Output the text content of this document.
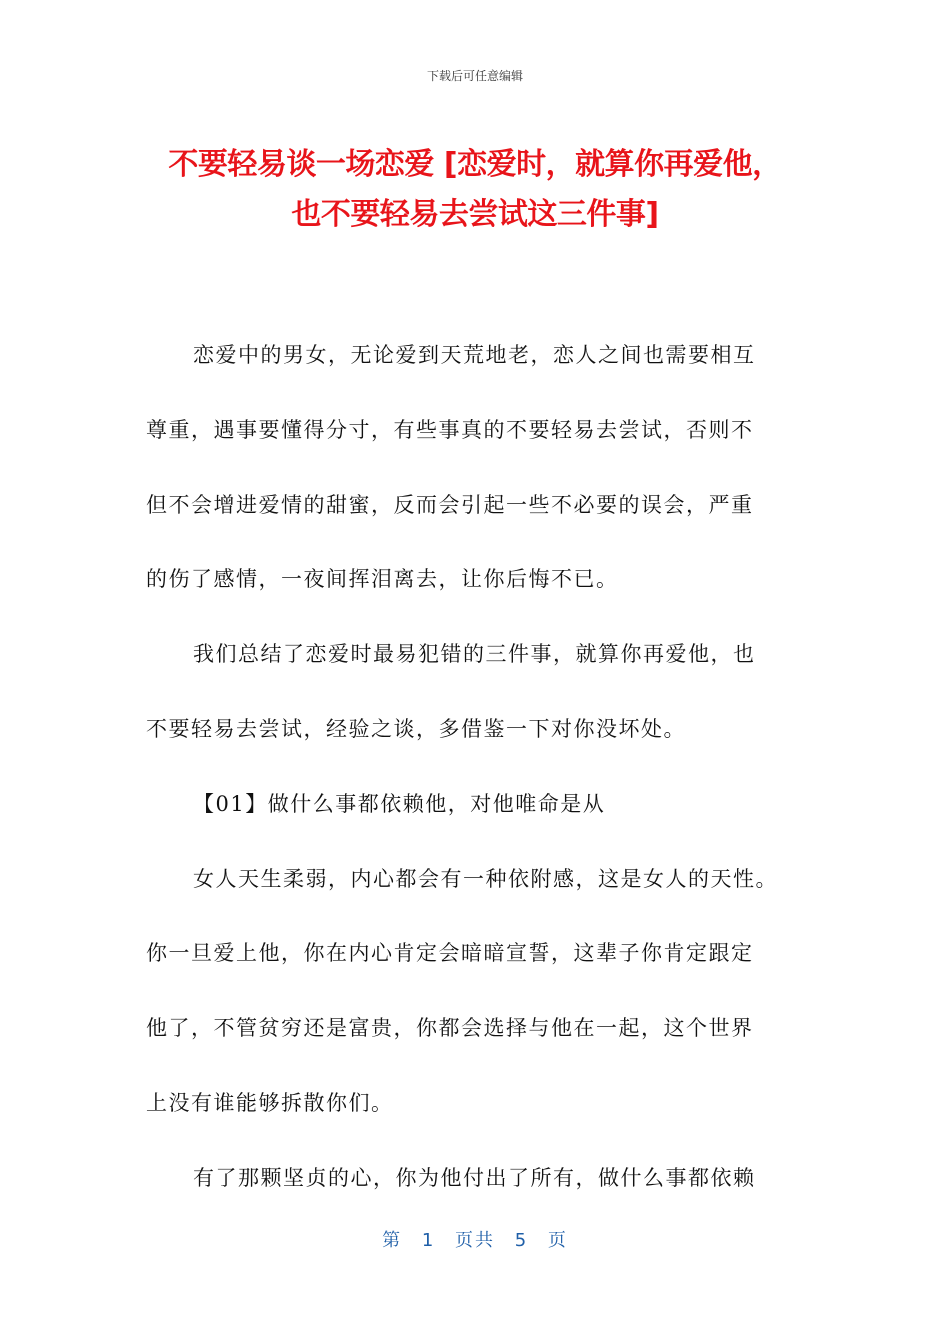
下载后可任意编辑
不要轻易谈一场恋爱 [恋爱时，就算你再爱他，
也不要轻易去尝试这三件事]

恋爱中的男女，无论爱到天荒地老，恋人之间也需要相互
尊重，遇事要懂得分寸，有些事真的不要轻易去尝试，否则不
但不会增进爱情的甜蜜，反而会引起一些不必要的误会，严重
的伤了感情，一夜间挥泪离去，让你后悔不已。

我们总结了恋爱时最易犯错的三件事，就算你再爱他，也
不要轻易去尝试，经验之谈，多借鉴一下对你没坏处。

【01】做什么事都依赖他，对他唯命是从

女人天生柔弱，内心都会有一种依附感，这是女人的天性。
你一旦爱上他，你在内心肯定会暗暗宣誓，这辈子你肯定跟定
他了，不管贫穷还是富贵，你都会选择与他在一起，这个世界
上没有谁能够拆散你们。

有了那颗坚贞的心，你为他付出了所有，做什么事都依赖

第 1 页共 5 页
